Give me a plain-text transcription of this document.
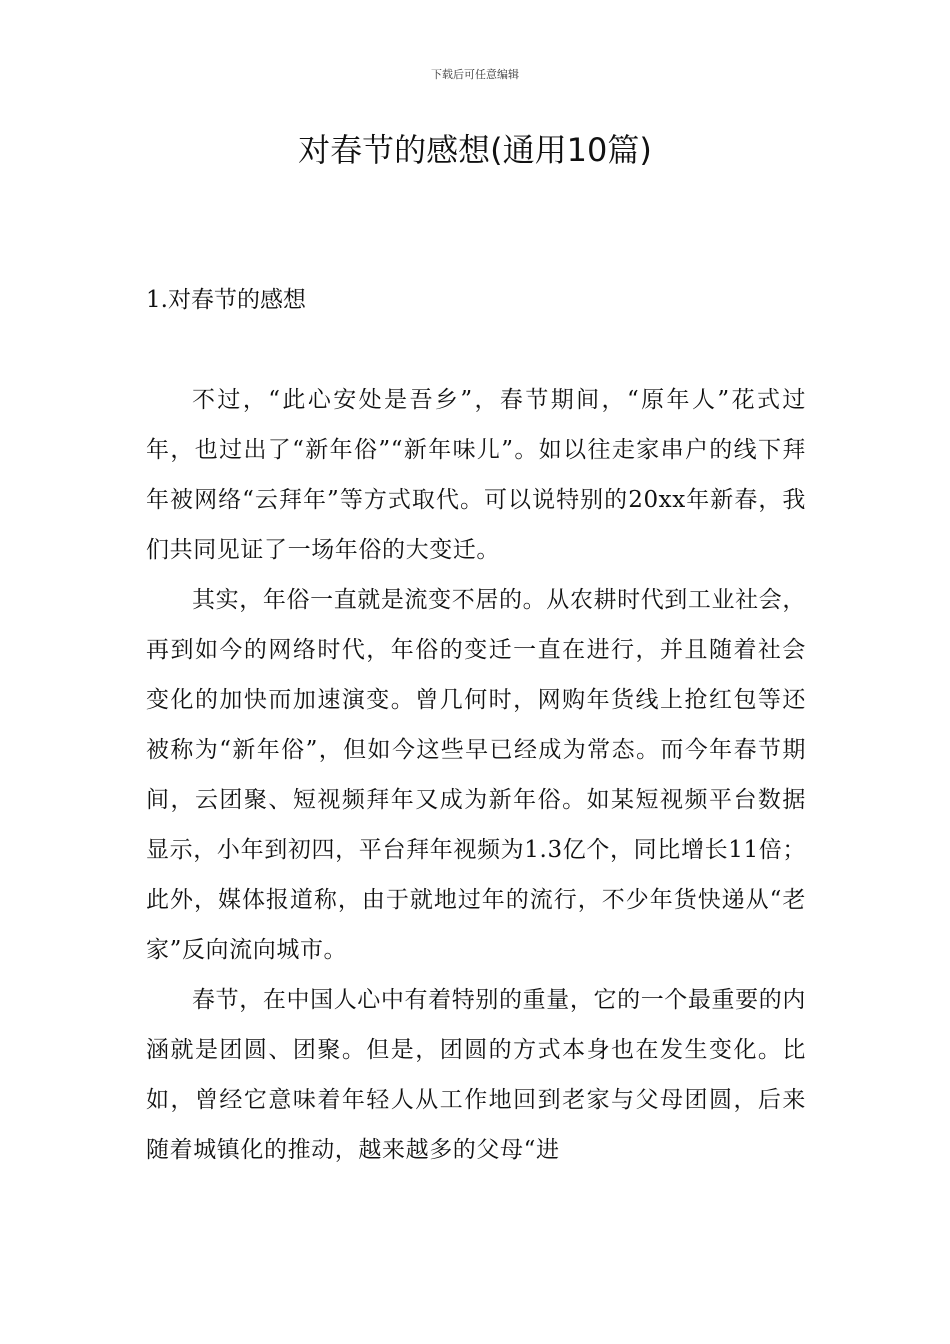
下载后可任意编辑
对春节的感想(通用10篇)
1.对春节的感想

不过，“此心安处是吾乡”，春节期间，“原年人”花式过年，也过出了“新年俗”“新年味儿”。如以往走家串户的线下拜年被网络“云拜年”等方式取代。可以说特别的20xx年新春，我们共同见证了一场年俗的大变迁。

其实，年俗一直就是流变不居的。从农耕时代到工业社会，再到如今的网络时代，年俗的变迁一直在进行，并且随着社会变化的加快而加速演变。曾几何时，网购年货线上抢红包等还被称为“新年俗”，但如今这些早已经成为常态。而今年春节期间，云团聚、短视频拜年又成为新年俗。如某短视频平台数据显示，小年到初四，平台拜年视频为1.3亿个，同比增长11倍；此外，媒体报道称，由于就地过年的流行，不少年货快递从“老家”反向流向城市。

春节，在中国人心中有着特别的重量，它的一个最重要的内涵就是团圆、团聚。但是，团圆的方式本身也在发生变化。比如，曾经它意味着年轻人从工作地回到老家与父母团圆，后来随着城镇化的推动，越来越多的父母“进
